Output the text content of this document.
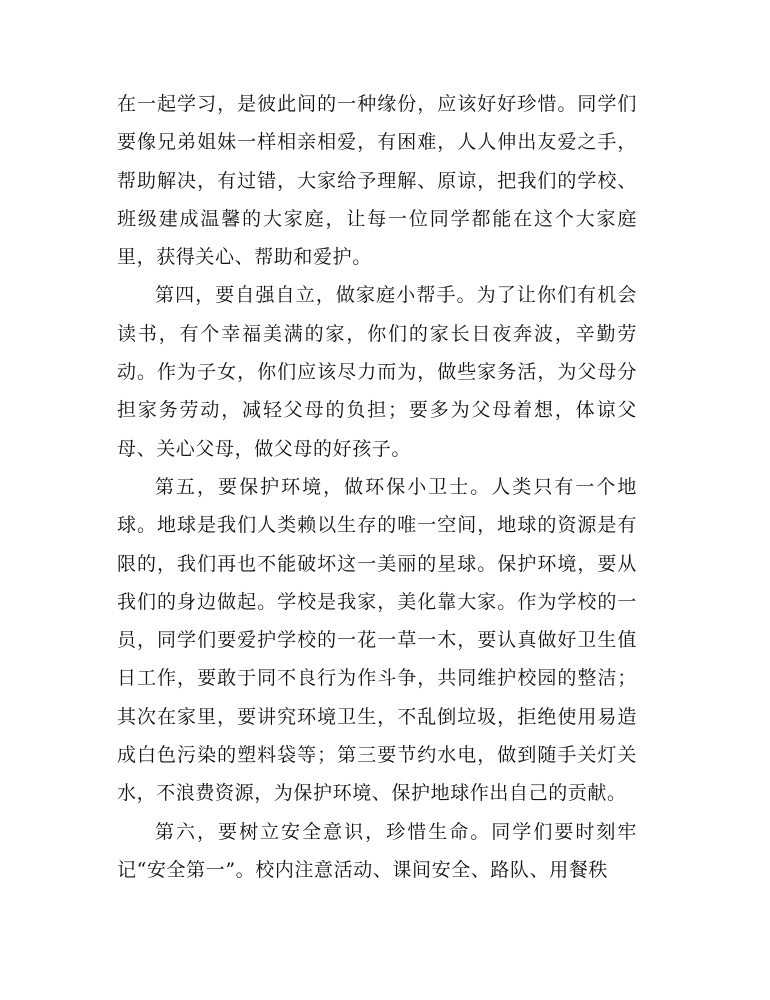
在一起学习，是彼此间的一种缘份，应该好好珍惜。同学们要像兄弟姐妹一样相亲相爱，有困难，人人伸出友爱之手，帮助解决，有过错，大家给予理解、原谅，把我们的学校、班级建成温馨的大家庭，让每一位同学都能在这个大家庭里，获得关心、帮助和爱护。

第四，要自强自立，做家庭小帮手。为了让你们有机会读书，有个幸福美满的家，你们的家长日夜奔波，辛勤劳动。作为子女，你们应该尽力而为，做些家务活，为父母分担家务劳动，减轻父母的负担；要多为父母着想，体谅父母、关心父母，做父母的好孩子。

第五，要保护环境，做环保小卫士。人类只有一个地球。地球是我们人类赖以生存的唯一空间，地球的资源是有限的，我们再也不能破坏这一美丽的星球。保护环境，要从我们的身边做起。学校是我家，美化靠大家。作为学校的一员，同学们要爱护学校的一花一草一木，要认真做好卫生值日工作，要敢于同不良行为作斗争，共同维护校园的整洁；其次在家里，要讲究环境卫生，不乱倒垃圾，拒绝使用易造成白色污染的塑料袋等；第三要节约水电，做到随手关灯关水，不浪费资源，为保护环境、保护地球作出自己的贡献。

第六，要树立安全意识，珍惜生命。同学们要时刻牢记“安全第一”。校内注意活动、课间安全、路队、用餐秩
